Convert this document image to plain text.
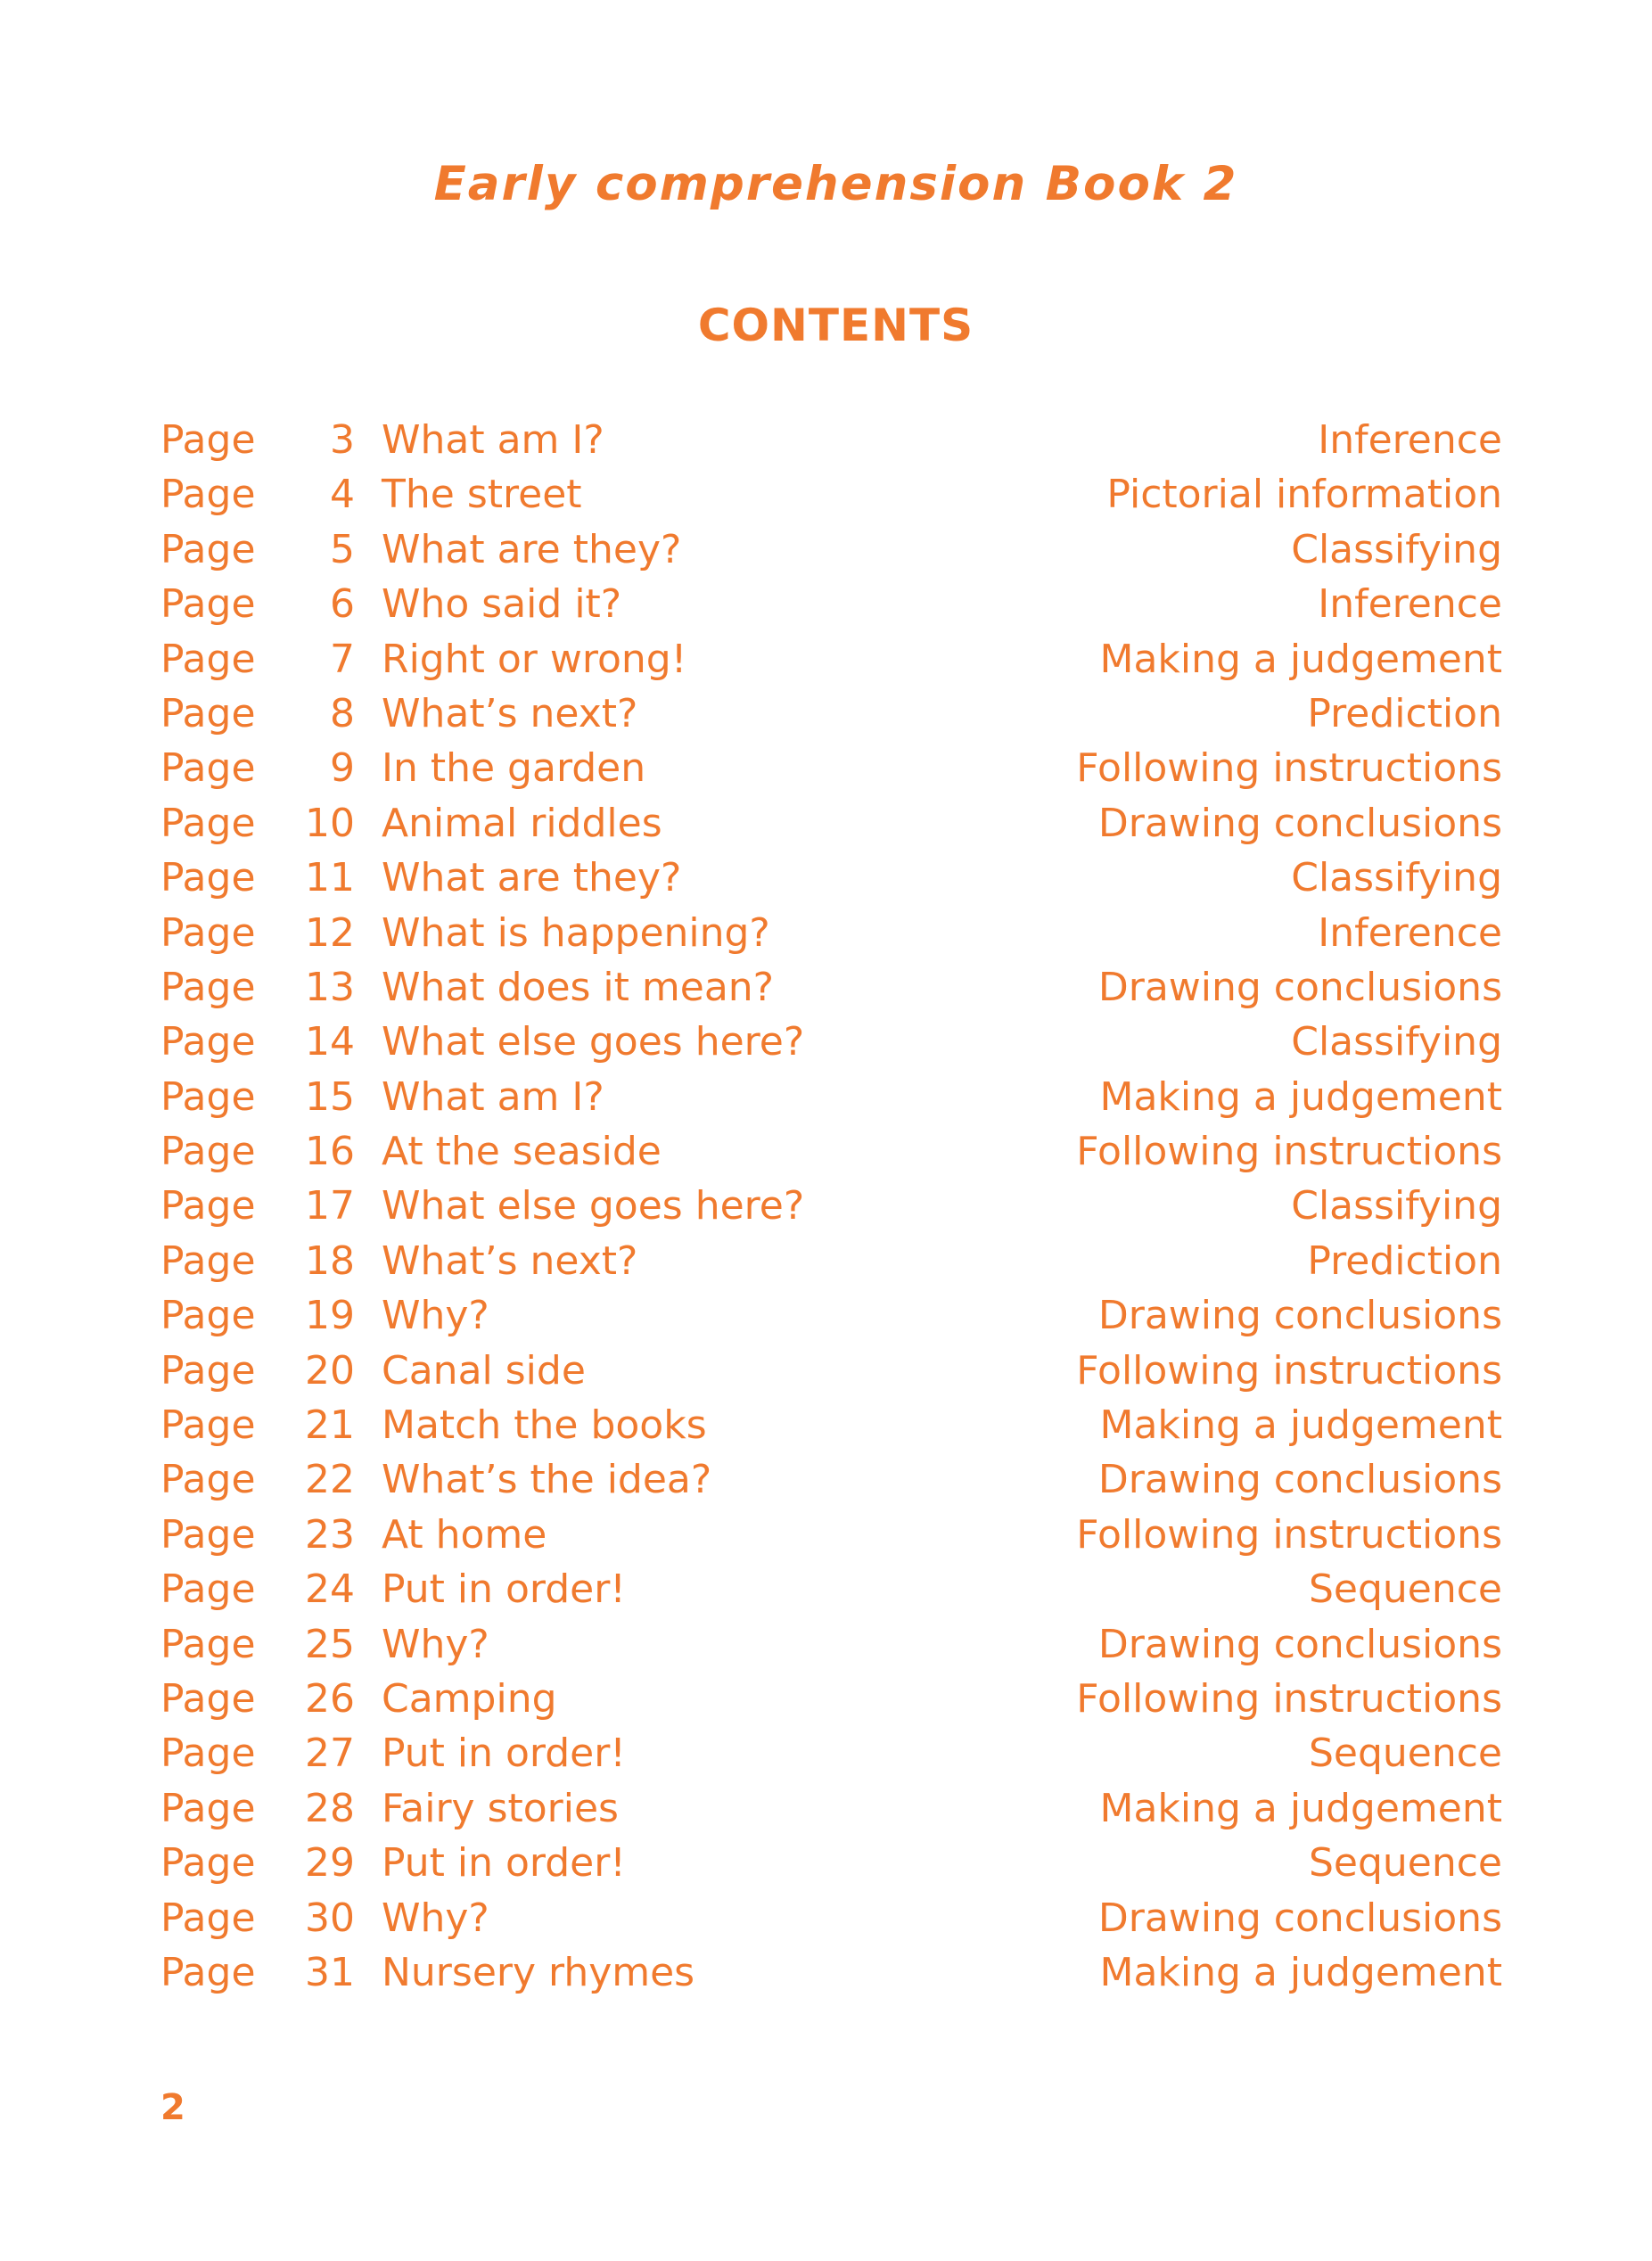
Early comprehension Book 2
CONTENTS
Page	3 What am I?	Inference
Page	4 The street	Pictorial information
Page	5 What are they?	Classifying
Page	6 Who said it?	Inference
Page	7 Right or wrong!	Making a judgement
Page	8 What’s next?	Prediction
Page	9 In the garden	Following instructions
Page	10 Animal riddles	Drawing conclusions
Page	11 What are they?	Classifying
Page	12 What is happening?	Inference
Page	13 What does it mean?	Drawing conclusions
Page	14 What else goes here?	Classifying
Page	15 What am I?	Making a judgement
Page	16 At the seaside	Following instructions
Page	17 What else goes here?	Classifying
Page	18 What’s next?	Prediction
Page	19 Why?	Drawing conclusions
Page	20 Canal side	Following instructions
Page	21 Match the books	Making a judgement
Page	22 What’s the idea?	Drawing conclusions
Page	23 At home	Following instructions
Page	24 Put in order!	Sequence
Page	25 Why?	Drawing conclusions
Page	26 Camping	Following instructions
Page	27 Put in order!	Sequence
Page	28 Fairy stories	Making a judgement
Page	29 Put in order!	Sequence
Page	30 Why?	Drawing conclusions
Page	31 Nursery rhymes	Making a judgement
2
